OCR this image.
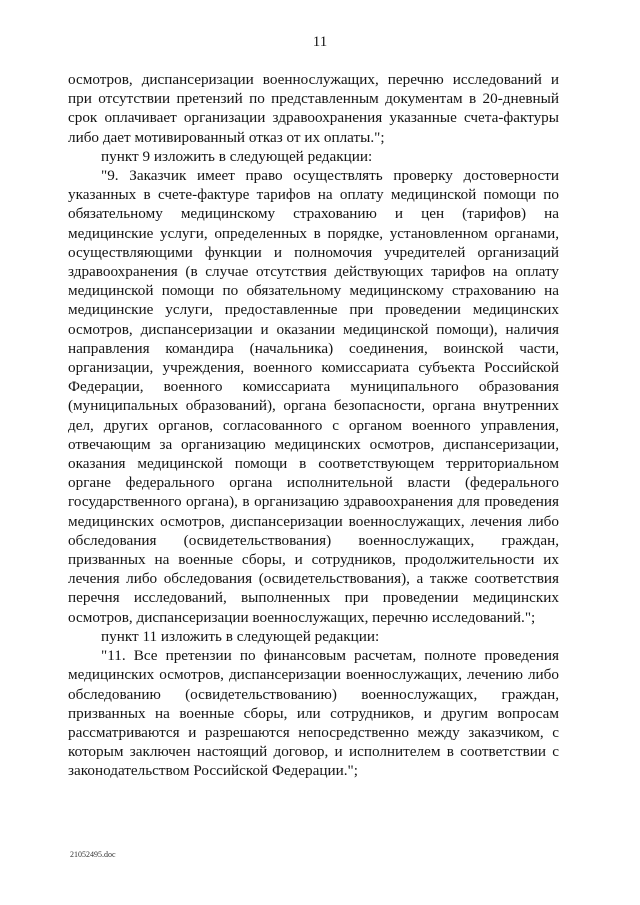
11

осмотров, диспансеризации военнослужащих, перечню исследований и при отсутствии претензий по представленным документам в 20-дневный срок оплачивает организации здравоохранения указанные счета-фактуры либо дает мотивированный отказ от их оплаты.";

пункт 9 изложить в следующей редакции:

"9. Заказчик имеет право осуществлять проверку достоверности указанных в счете-фактуре тарифов на оплату медицинской помощи по обязательному медицинскому страхованию и цен (тарифов) на медицинские услуги, определенных в порядке, установленном органами, осуществляющими функции и полномочия учредителей организаций здравоохранения (в случае отсутствия действующих тарифов на оплату медицинской помощи по обязательному медицинскому страхованию на медицинские услуги, предоставленные при проведении медицинских осмотров, диспансеризации и оказании медицинской помощи), наличия направления командира (начальника) соединения, воинской части, организации, учреждения, военного комиссариата субъекта Российской Федерации, военного комиссариата муниципального образования (муниципальных образований), органа безопасности, органа внутренних дел, других органов, согласованного с органом военного управления, отвечающим за организацию медицинских осмотров, диспансеризации, оказания медицинской помощи в соответствующем территориальном органе федерального органа исполнительной власти (федерального государственного органа), в организацию здравоохранения для проведения медицинских осмотров, диспансеризации военнослужащих, лечения либо обследования (освидетельствования) военнослужащих, граждан, призванных на военные сборы, и сотрудников, продолжительности их лечения либо обследования (освидетельствования), а также соответствия перечня исследований, выполненных при проведении медицинских осмотров, диспансеризации военнослужащих, перечню исследований.";

пункт 11 изложить в следующей редакции:

"11. Все претензии по финансовым расчетам, полноте проведения медицинских осмотров, диспансеризации военнослужащих, лечению либо обследованию (освидетельствованию) военнослужащих, граждан, призванных на военные сборы, или сотрудников, и другим вопросам рассматриваются и разрешаются непосредственно между заказчиком, с которым заключен настоящий договор, и исполнителем в соответствии с законодательством Российской Федерации.";

21052495.doc
